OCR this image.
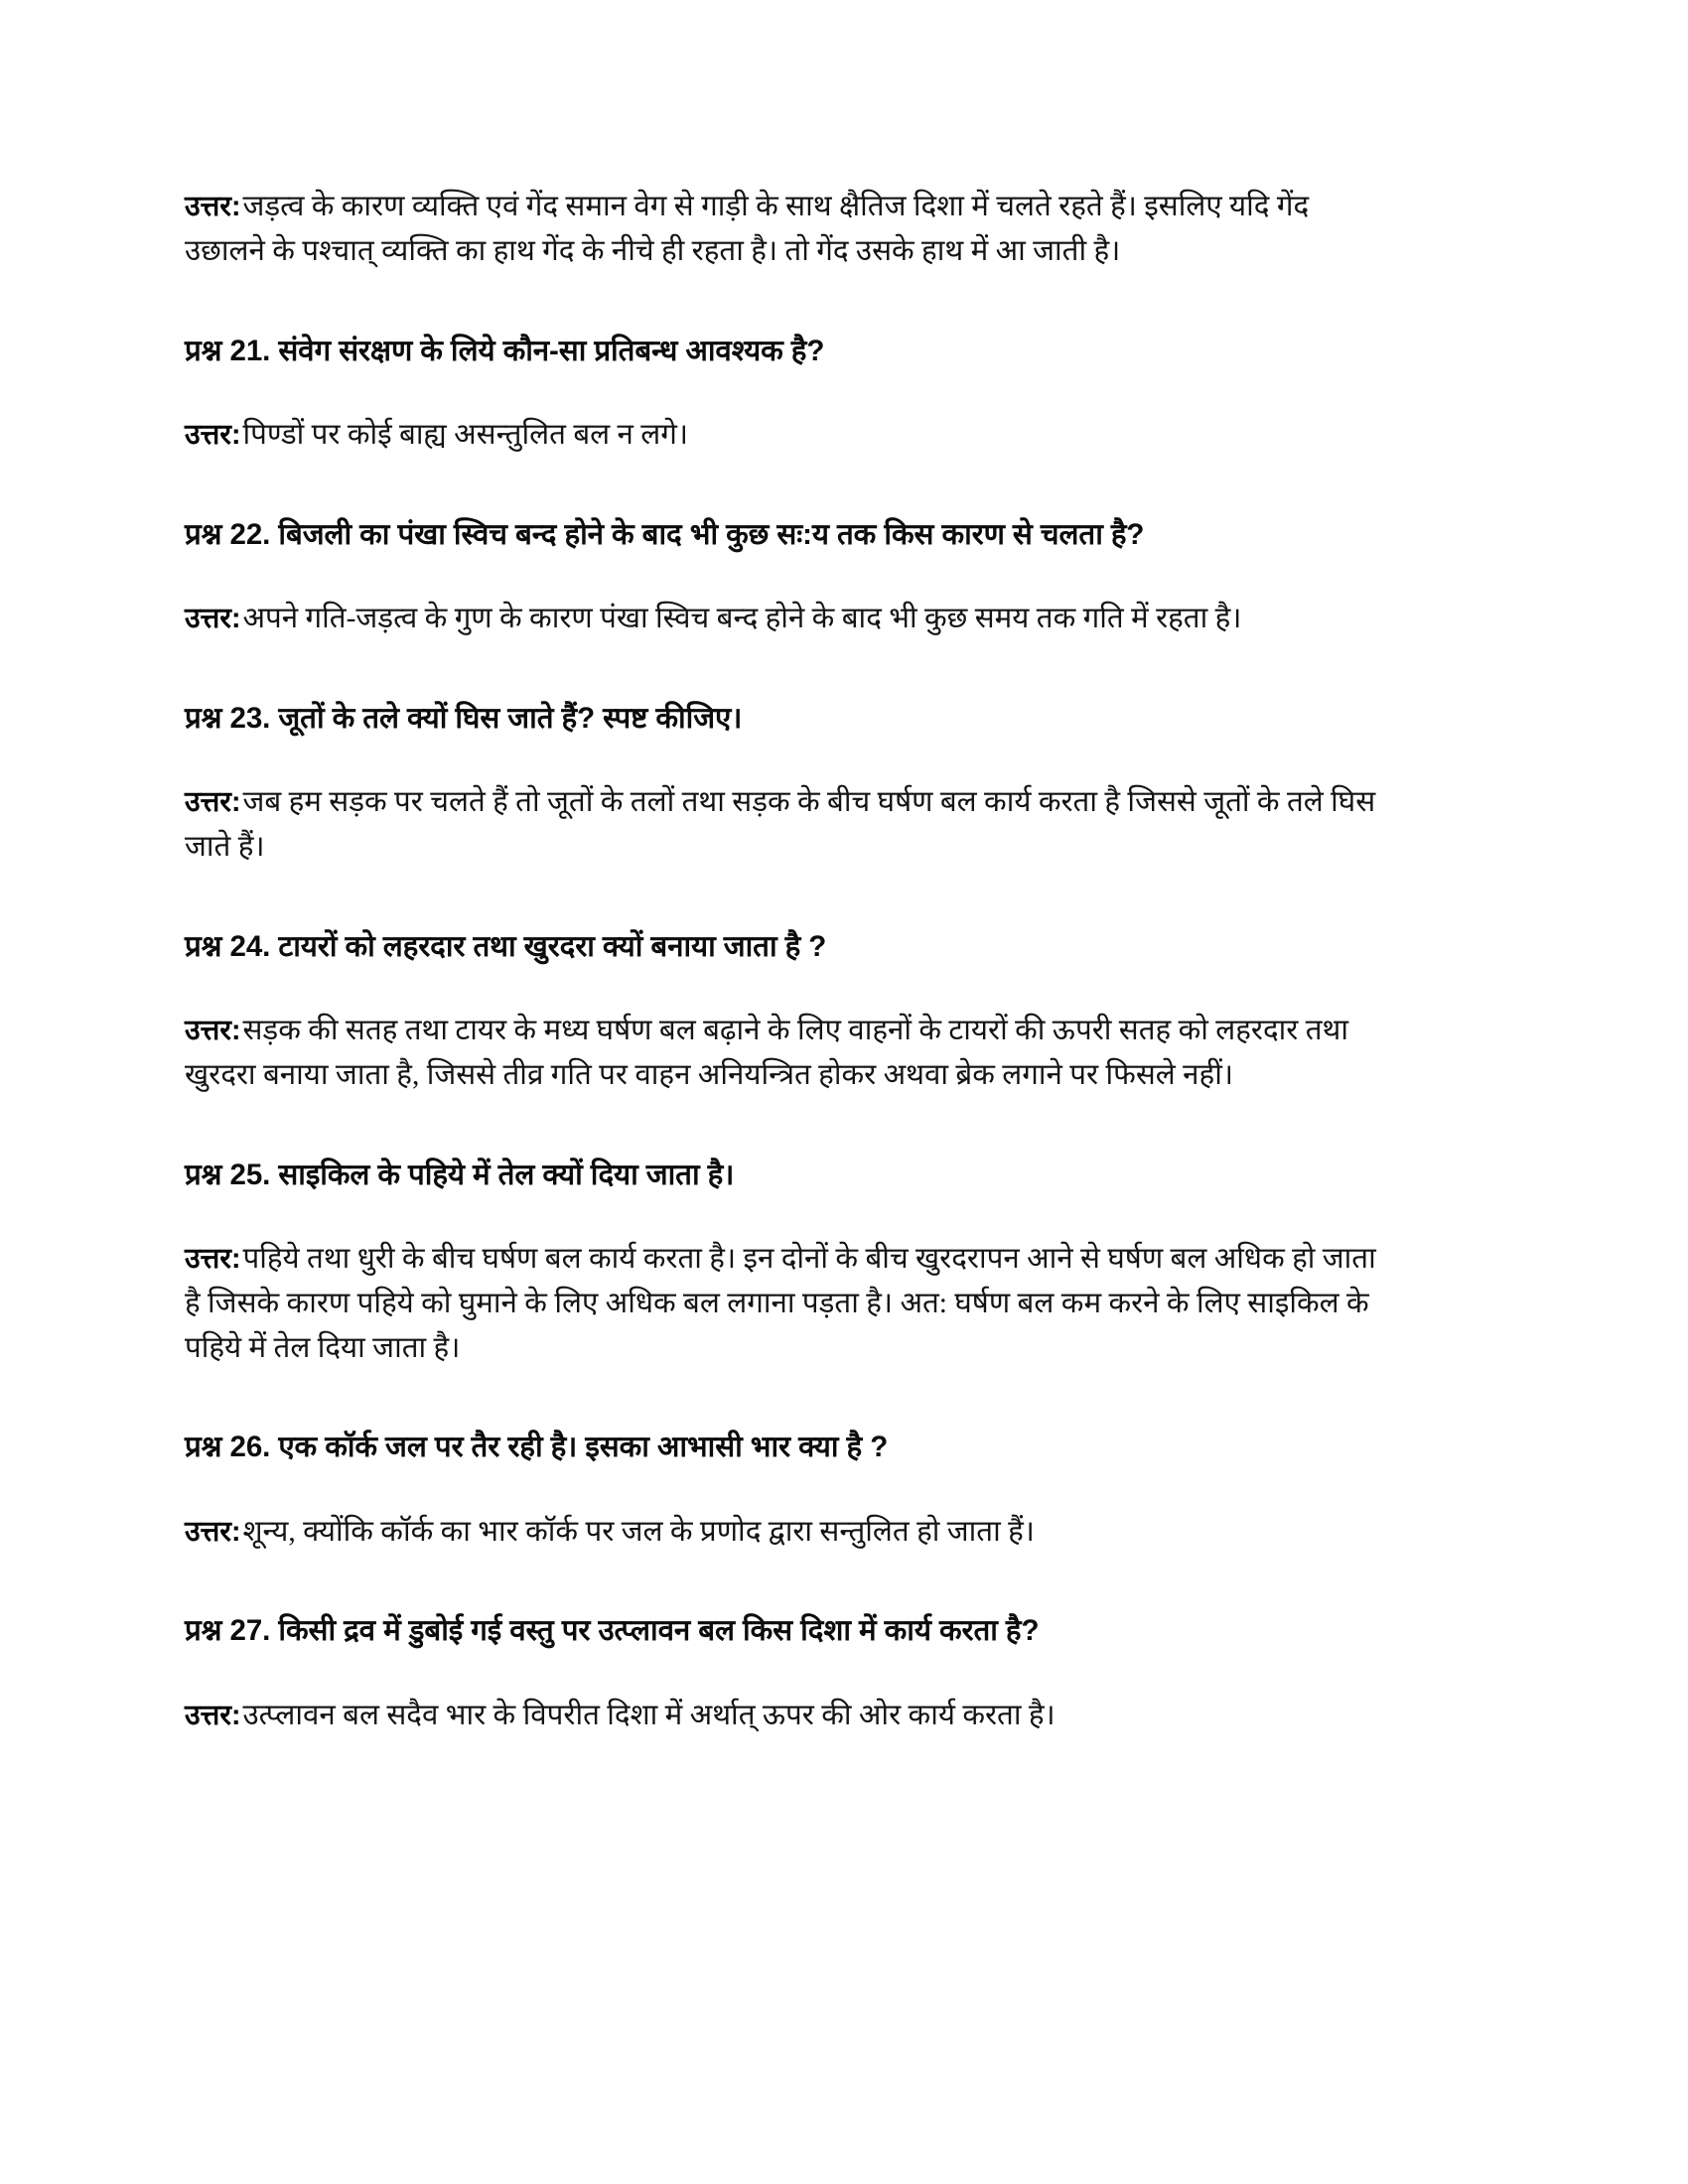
उत्तर:जड़त्व के कारण व्यक्ति एवं गेंद समान वेग से गाड़ी के साथ क्षैतिज दिशा में चलते रहते हैं। इसलिए यदि गेंद उछालने के पश्चात् व्यक्ति का हाथ गेंद के नीचे ही रहता है। तो गेंद उसके हाथ में आ जाती है।

प्रश्न 21. संवेग संरक्षण के लिये कौन-सा प्रतिबन्ध आवश्यक है?

उत्तर:पिण्डों पर कोई बाह्य असन्तुलित बल न लगे।

प्रश्न 22. बिजली का पंखा स्विच बन्द होने के बाद भी कुछ सः:य तक किस कारण से चलता है?

उत्तर:अपने गति-जड़त्व के गुण के कारण पंखा स्विच बन्द होने के बाद भी कुछ समय तक गति में रहता है।

प्रश्न 23. जूतों के तले क्यों घिस जाते हैं? स्पष्ट कीजिए।

उत्तर:जब हम सड़क पर चलते हैं तो जूतों के तलों तथा सड़क के बीच घर्षण बल कार्य करता है जिससे जूतों के तले घिस जाते हैं।

प्रश्न 24. टायरों को लहरदार तथा खुरदरा क्यों बनाया जाता है ?

उत्तर:सड़क की सतह तथा टायर के मध्य घर्षण बल बढ़ाने के लिए वाहनों के टायरों की ऊपरी सतह को लहरदार तथा खुरदरा बनाया जाता है, जिससे तीव्र गति पर वाहन अनियन्त्रित होकर अथवा ब्रेक लगाने पर फिसले नहीं।

प्रश्न 25. साइकिल के पहिये में तेल क्यों दिया जाता है।

उत्तर:पहिये तथा धुरी के बीच घर्षण बल कार्य करता है। इन दोनों के बीच खुरदरापन आने से घर्षण बल अधिक हो जाता है जिसके कारण पहिये को घुमाने के लिए अधिक बल लगाना पड़ता है। अत: घर्षण बल कम करने के लिए साइकिल के पहिये में तेल दिया जाता है।

प्रश्न 26. एक कॉर्क जल पर तैर रही है। इसका आभासी भार क्या है ?

उत्तर:शून्य, क्योंकि कॉर्क का भार कॉर्क पर जल के प्रणोद द्वारा सन्तुलित हो जाता हैं।

प्रश्न 27. किसी द्रव में डुबोई गई वस्तु पर उत्प्लावन बल किस दिशा में कार्य करता है?

उत्तर:उत्प्लावन बल सदैव भार के विपरीत दिशा में अर्थात् ऊपर की ओर कार्य करता है।
